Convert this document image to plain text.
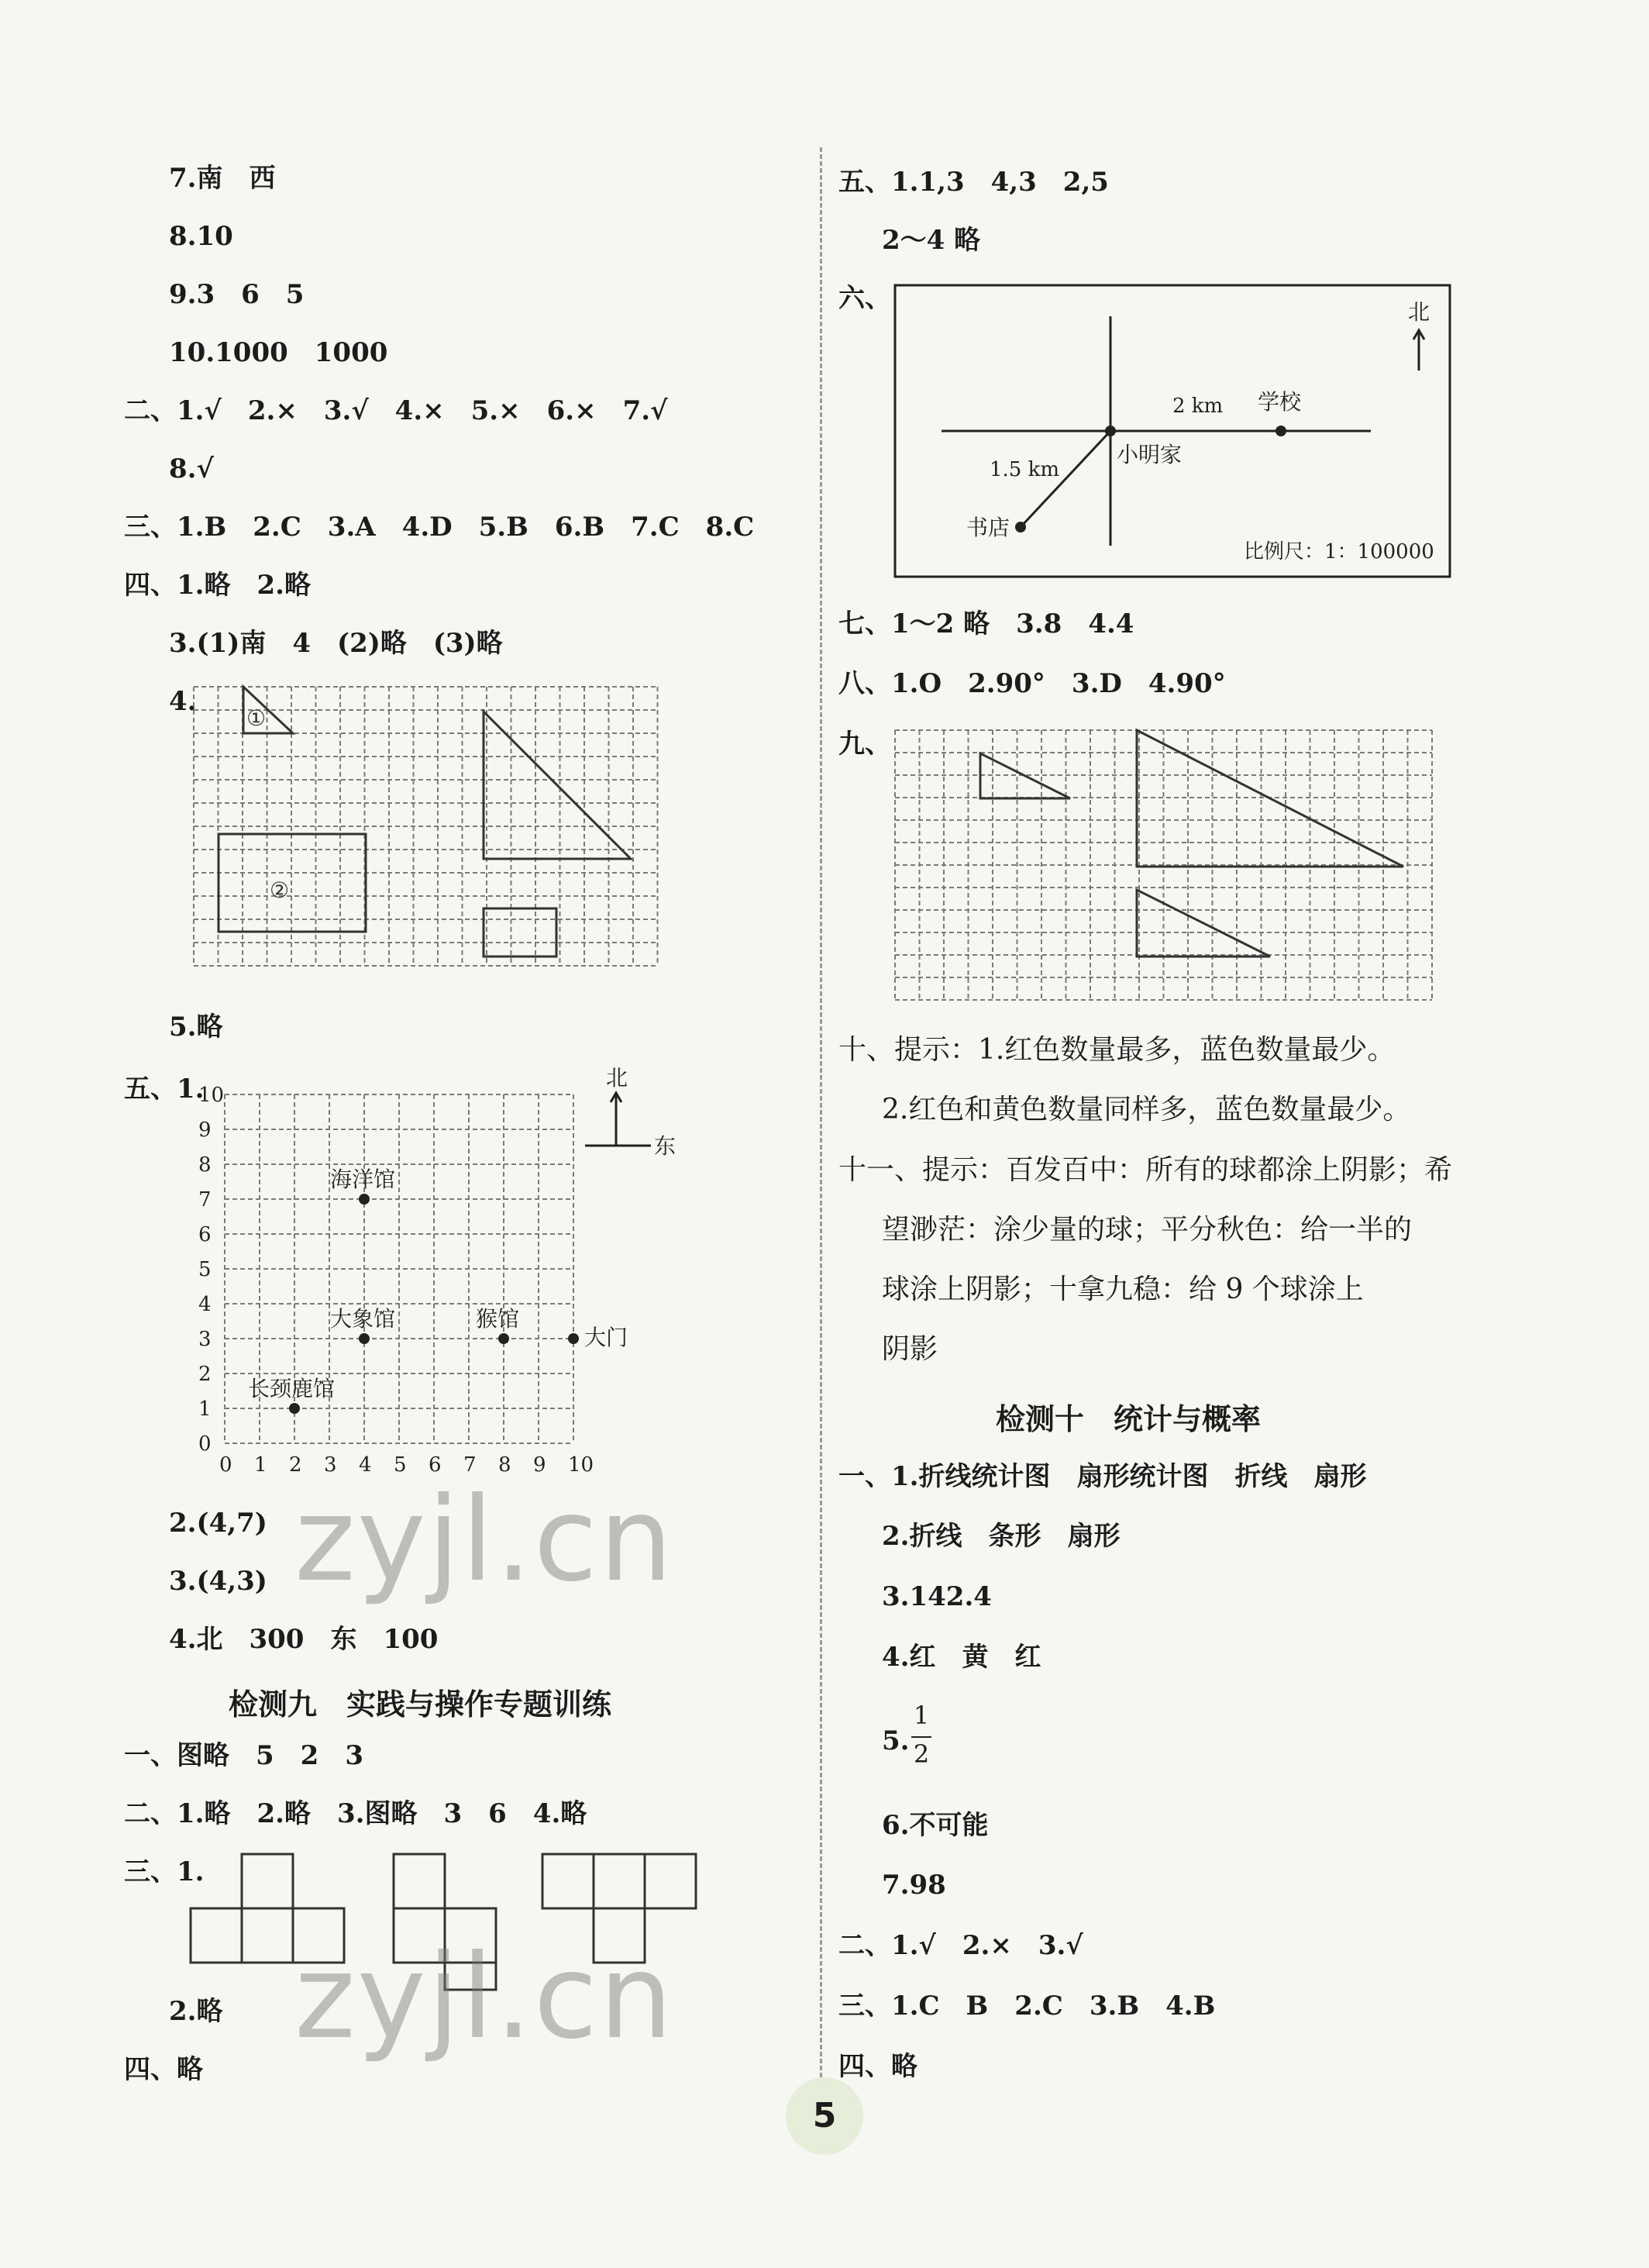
7.南　西
8.10
9.3　6　5
10.1000　1000
二、1.√　2.×　3.√　4.×　5.×　6.×　7.√
8.√
三、1.B　2.C　3.A　4.D　5.B　6.B　7.C　8.C
四、1.略　2.略
3.(1)南　4　(2)略　(3)略
4.
①
②
5.略
五、1.
0 1 2 3 4 5 6 7 8 9 10
0
1
2
3
4
5
6
7
8
9
10
海洋馆
大象馆	猴馆
大门
长颈鹿馆
北
东
2.(4,7)
3.(4,3)
4.北　300　东　100
检测九　实践与操作专题训练
一、图略　5　2　3
二、1.略　2.略　3.图略　3　6　4.略
三、1.
2.略
四、略
五、1.1,3　4,3　2,5
2～4 略
六、	北
2 km 学校
小明家
1.5 km
书店
比例尺：1：100000
七、1～2 略　3.8　4.4
八、1.O　2.90°　3.D　4.90°
九、
十、提示：1.红色数量最多，蓝色数量最少。
2.红色和黄色数量同样多，蓝色数量最少。
十一、提示：百发百中：所有的球都涂上阴影；希
望渺茫：涂少量的球；平分秋色：给一半的
球涂上阴影；十拿九稳：给 9 个球涂上
阴影
检测十　统计与概率
一、1.折线统计图　扇形统计图　折线　扇形
2.折线　条形　扇形
3.142.4
4.红　黄　红
5.
1
2
6.不可能
7.98
二、1.√　2.×　3.√
三、1.C　B　2.C　3.B　4.B
四、略
zyjl.cn
zyjl.cn
5
